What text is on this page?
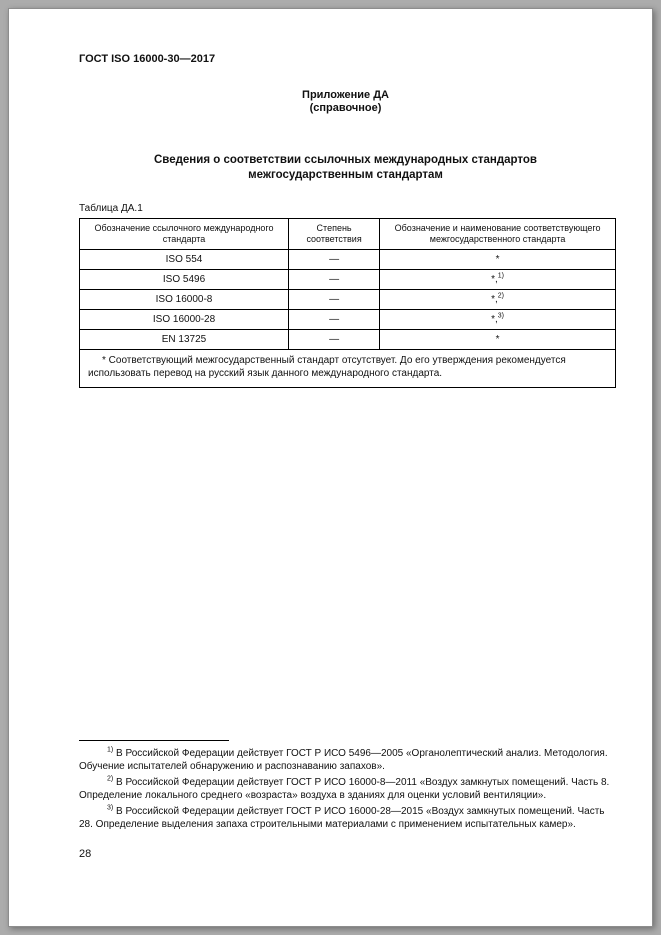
ГОСТ ISO 16000-30—2017
Приложение ДА
(справочное)
Сведения о соответствии ссылочных международных стандартов
межгосударственным стандартам
Таблица ДА.1
Обозначение ссылочного международного стандарта	Степень соответствия	Обозначение и наименование соответствующего межгосударственного стандарта
ISO 554	—	*
ISO 5496	—	*,$^{1)}$
ISO 16000-8	—	*,$^{2)}$
ISO 16000-28	—	*,$^{3)}$
EN 13725	—	*
* Соответствующий межгосударственный стандарт отсутствует. До его утверждения рекомендуется использовать перевод на русский язык данного международного стандарта.		

$^{1)}$ В Российской Федерации действует ГОСТ Р ИСО 5496—2005 «Органолептический анализ. Методология. Обучение испытателей обнаружению и распознаванию запахов».

$^{2)}$ В Российской Федерации действует ГОСТ Р ИСО 16000-8—2011 «Воздух замкнутых помещений. Часть 8. Определение локального среднего «возраста» воздуха в зданиях для оценки условий вентиляции».

$^{3)}$ В Российской Федерации действует ГОСТ Р ИСО 16000-28—2015 «Воздух замкнутых помещений. Часть 28. Определение выделения запаха строительными материалами с применением испытательных камер».

28
